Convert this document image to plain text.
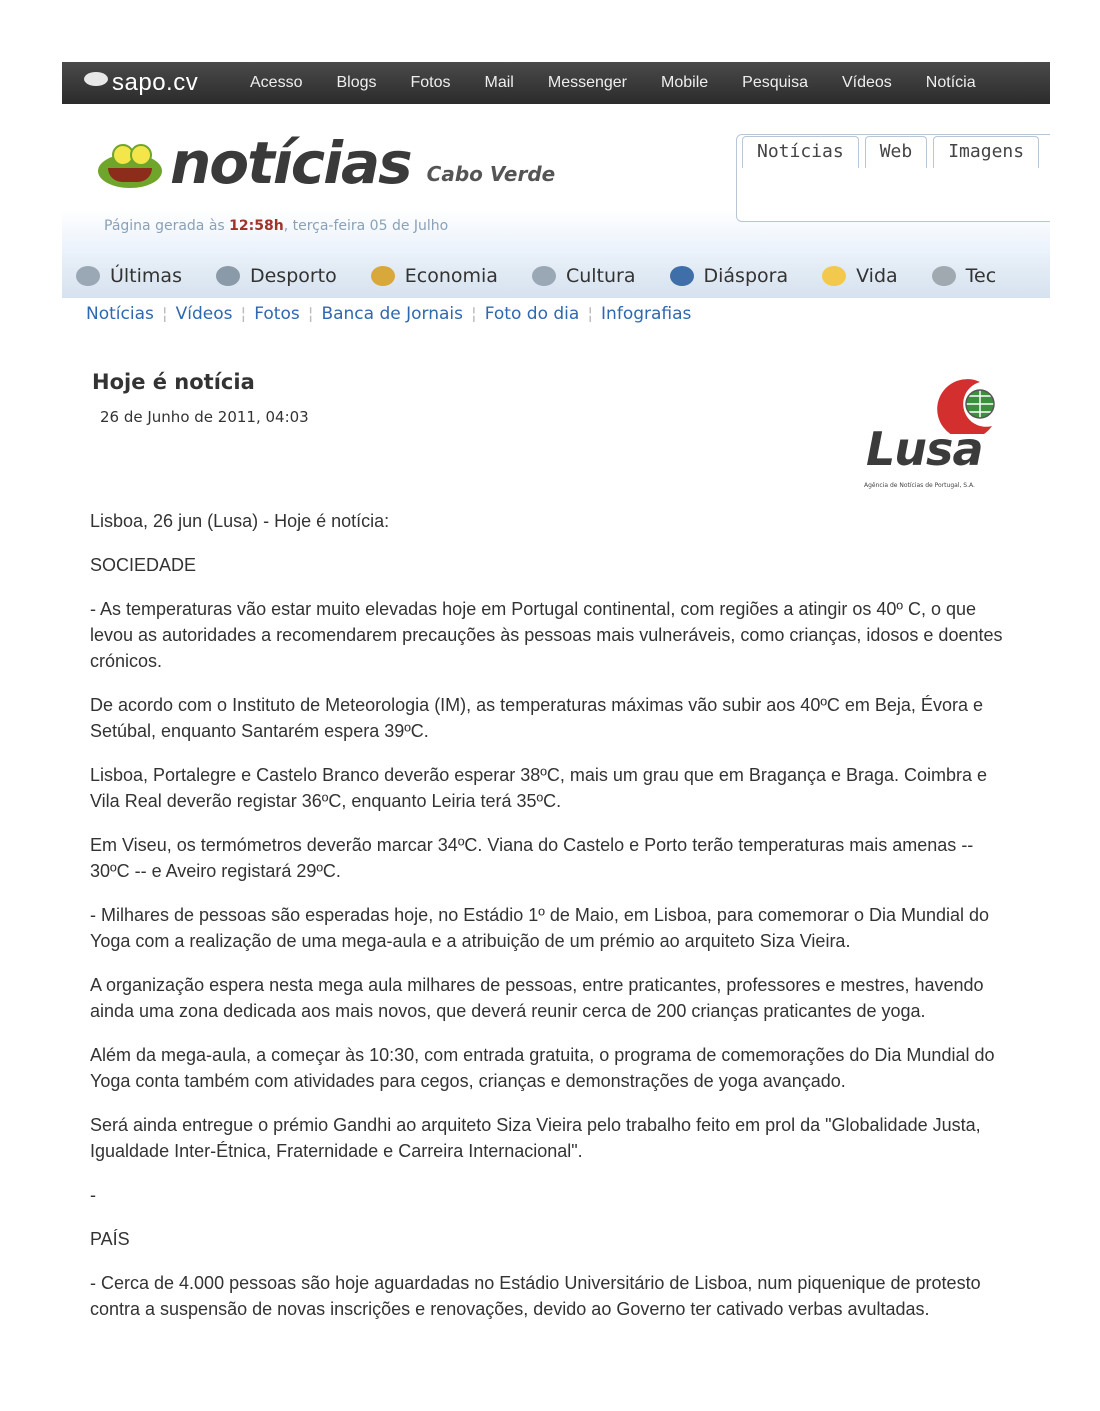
sapo.cv	Acesso Blogs Fotos Mail Messenger Mobile Pesquisa Vídeos Notícia
notícias Cabo Verde
Página gerada às 12:58h, terça-feira 05 de Julho
Notícias	Web	Imagens
Últimas	Desporto	Economia	Cultura	Diáspora	Vida	Tec
Notícias ¦ Vídeos ¦ Fotos ¦ Banca de Jornais ¦ Foto do dia ¦ Infografias
Hoje é notícia
26 de Junho de 2011, 04:03
Lusa
Agência de Notícias de Portugal, S.A.

Lisboa, 26 jun (Lusa) - Hoje é notícia:

SOCIEDADE

- As temperaturas vão estar muito elevadas hoje em Portugal continental, com regiões a atingir os 40º C, o que levou as autoridades a recomendarem precauções às pessoas mais vulneráveis, como crianças, idosos e doentes crónicos.

De acordo com o Instituto de Meteorologia (IM), as temperaturas máximas vão subir aos 40ºC em Beja, Évora e Setúbal, enquanto Santarém espera 39ºC.

Lisboa, Portalegre e Castelo Branco deverão esperar 38ºC, mais um grau que em Bragança e Braga. Coimbra e Vila Real deverão registar 36ºC, enquanto Leiria terá 35ºC.

Em Viseu, os termómetros deverão marcar 34ºC. Viana do Castelo e Porto terão temperaturas mais amenas -- 30ºC -- e Aveiro registará 29ºC.

- Milhares de pessoas são esperadas hoje, no Estádio 1º de Maio, em Lisboa, para comemorar o Dia Mundial do Yoga com a realização de uma mega-aula e a atribuição de um prémio ao arquiteto Siza Vieira.

A organização espera nesta mega aula milhares de pessoas, entre praticantes, professores e mestres, havendo ainda uma zona dedicada aos mais novos, que deverá reunir cerca de 200 crianças praticantes de yoga.

Além da mega-aula, a começar às 10:30, com entrada gratuita, o programa de comemorações do Dia Mundial do Yoga conta também com atividades para cegos, crianças e demonstrações de yoga avançado.

Será ainda entregue o prémio Gandhi ao arquiteto Siza Vieira pelo trabalho feito em prol da "Globalidade Justa, Igualdade Inter-Étnica, Fraternidade e Carreira Internacional".

-

PAÍS

- Cerca de 4.000 pessoas são hoje aguardadas no Estádio Universitário de Lisboa, num piquenique de protesto contra a suspensão de novas inscrições e renovações, devido ao Governo ter cativado verbas avultadas.
